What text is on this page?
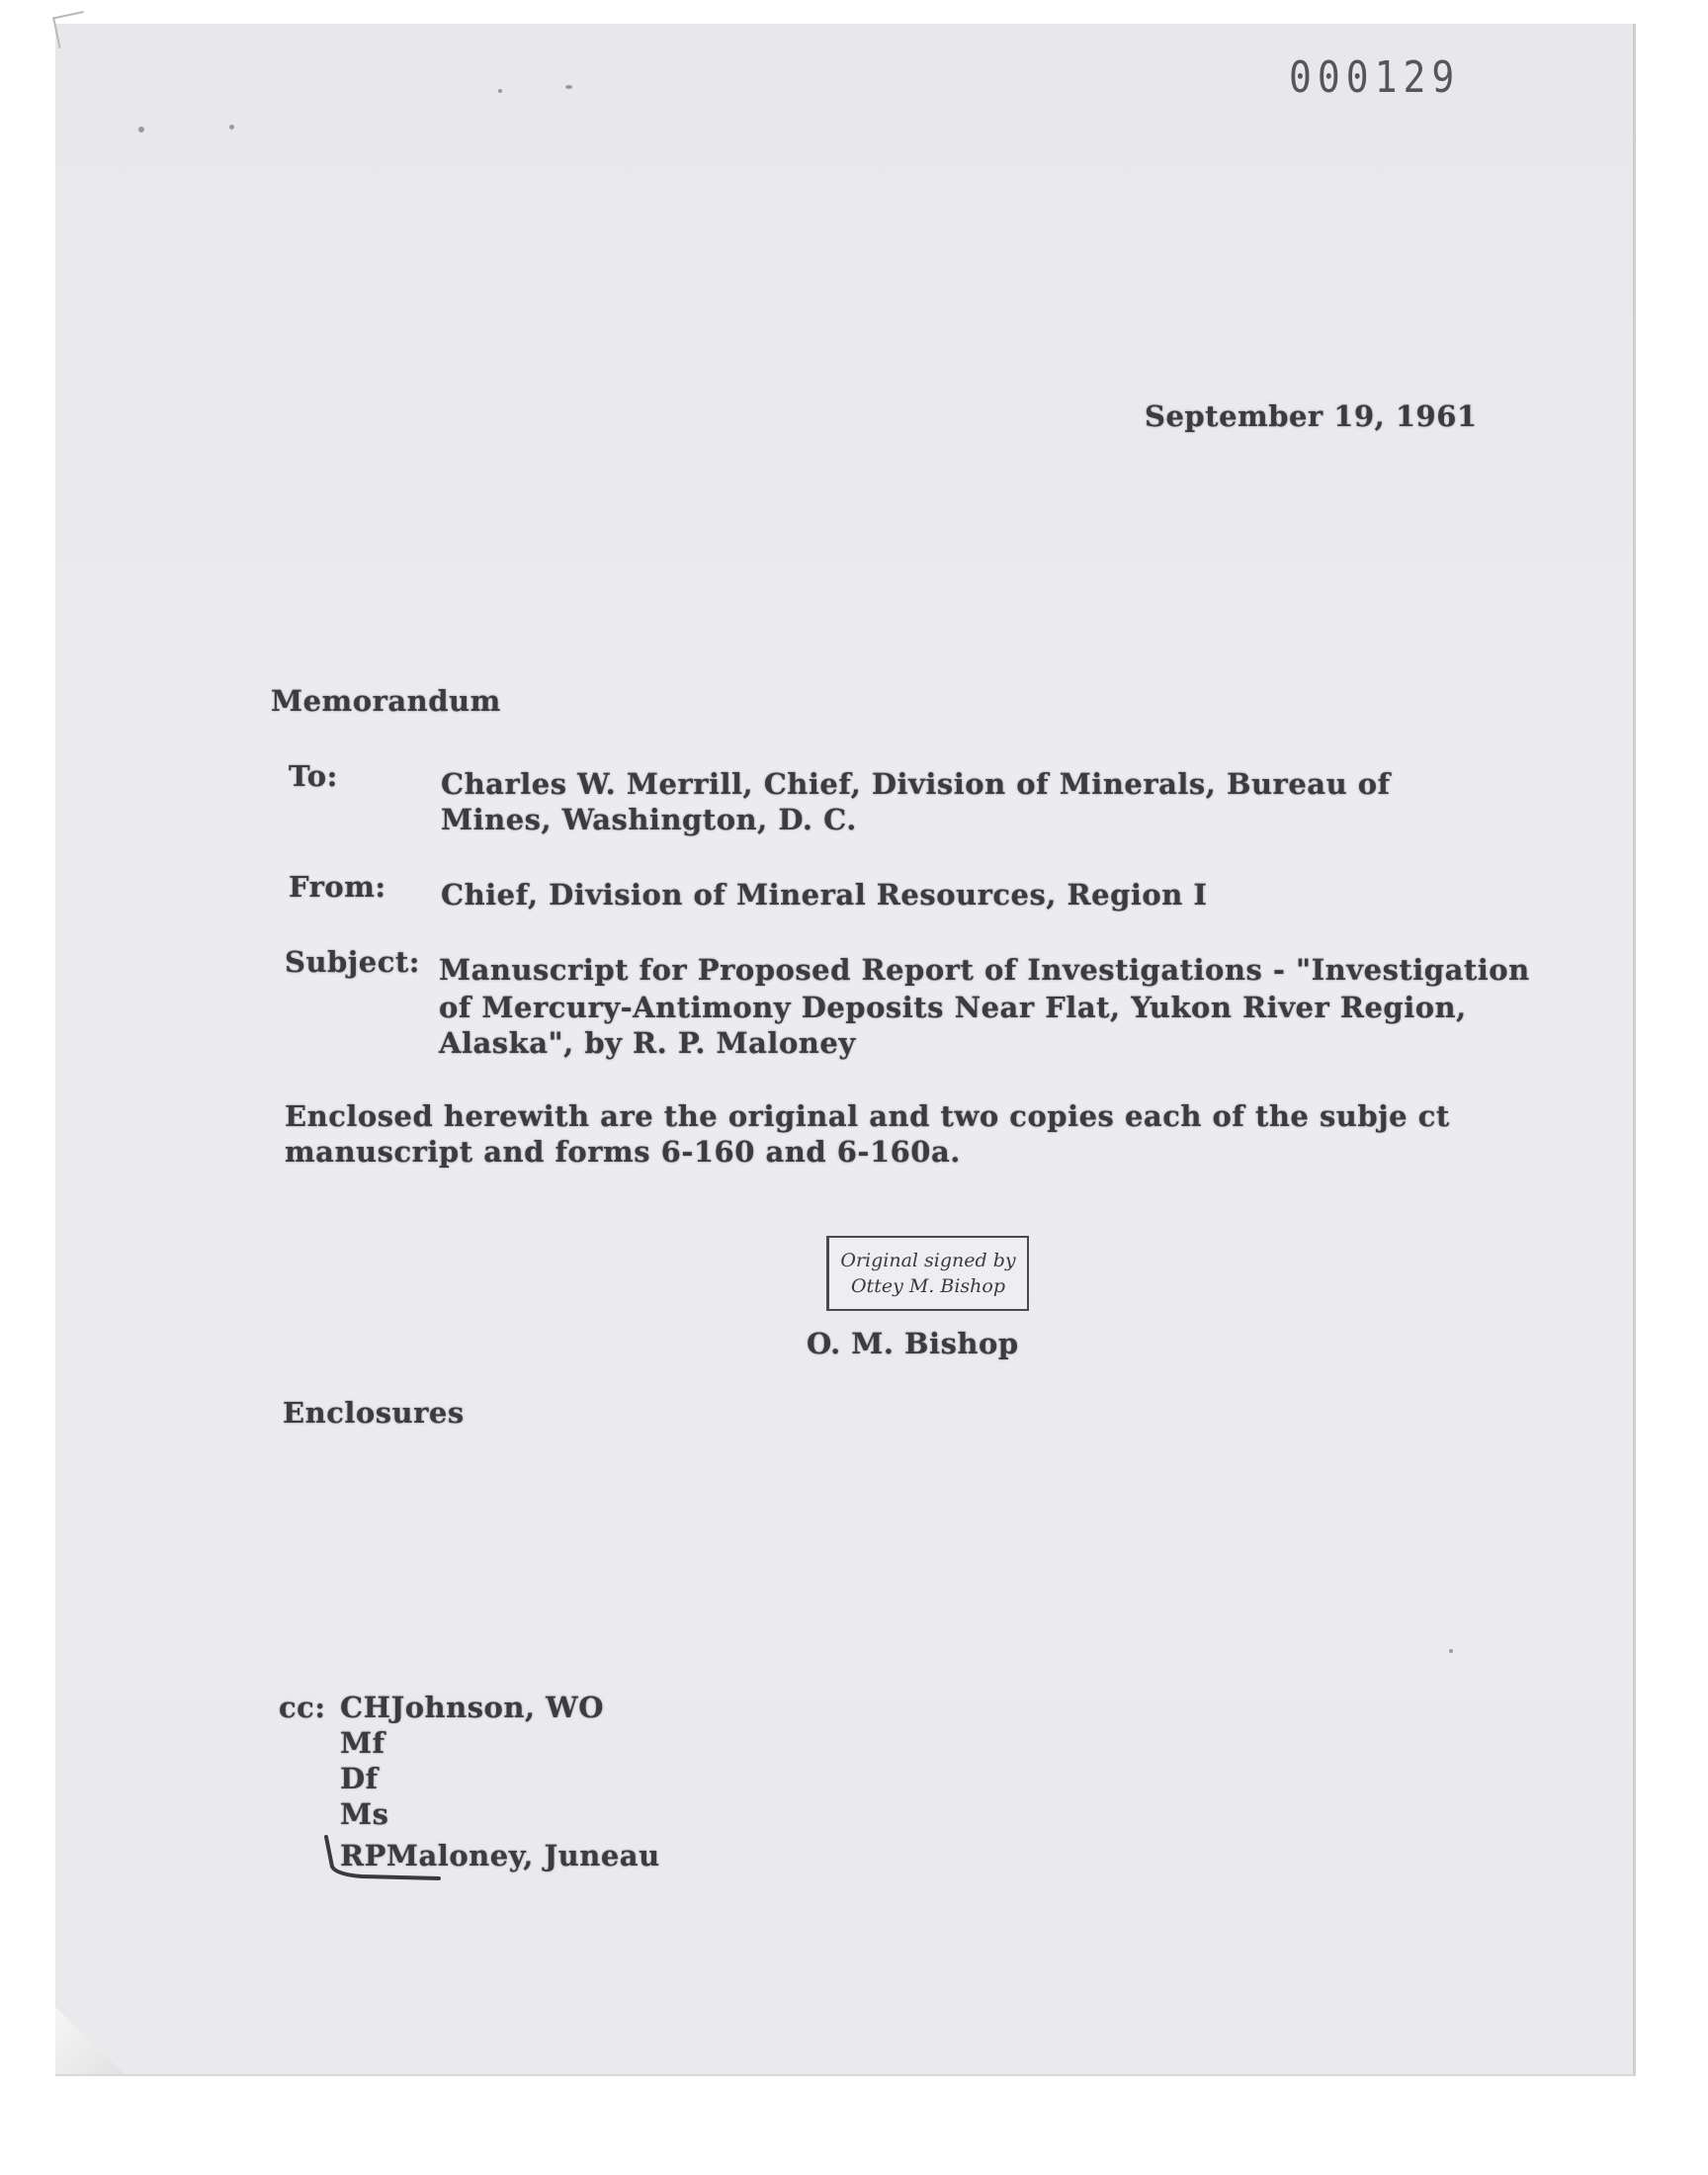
000129
September 19, 1961
Memorandum
To:	Charles W. Merrill, Chief, Division of Minerals, Bureau of
Mines, Washington, D. C.
From: Chief, Division of Mineral Resources, Region I
Subject: Manuscript for Proposed Report of Investigations - "Investigation
of Mercury-Antimony Deposits Near Flat, Yukon River Region,
Alaska", by R. P. Maloney
Enclosed herewith are the original and two copies each of the subje ct
manuscript and forms 6-160 and 6-160a.
Original signed by
Ottey M. Bishop
O. M. Bishop
Enclosures
cc: CHJohnson, WO
Mf
Df
Ms
RPMaloney, Juneau
